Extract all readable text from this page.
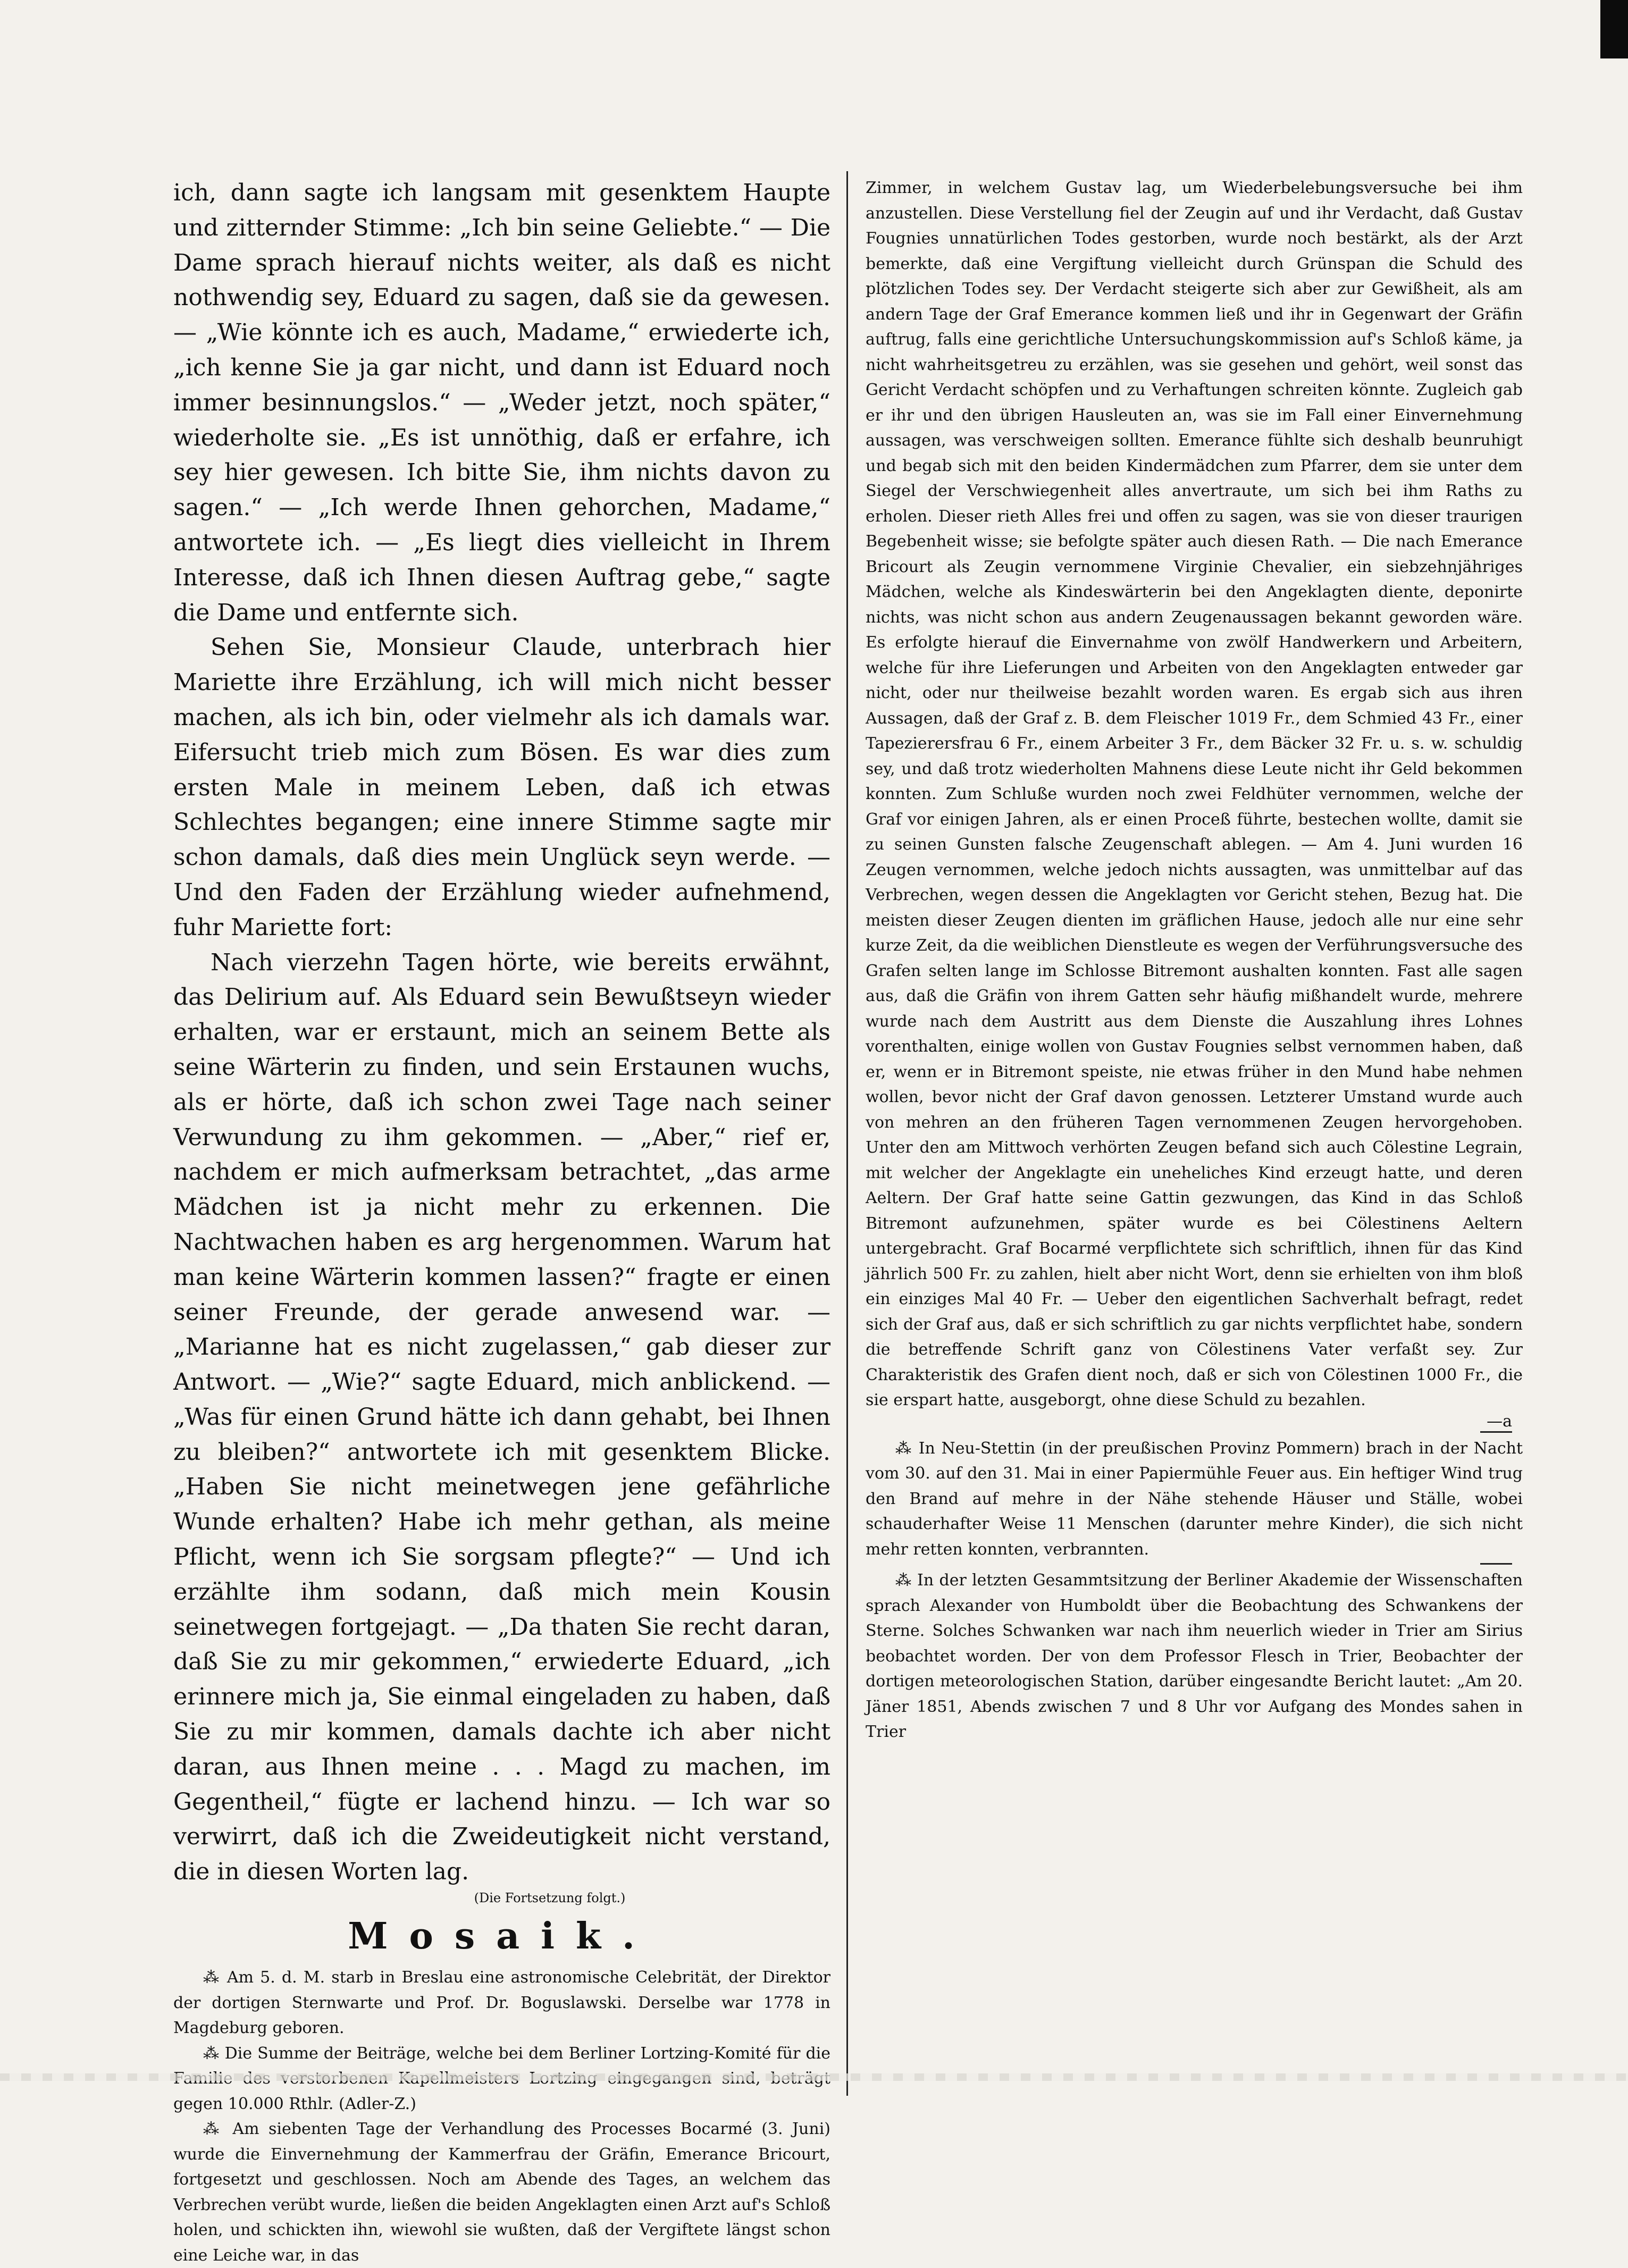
ich, dann sagte ich langsam mit gesenktem Haupte und zitternder Stimme: „Ich bin seine Geliebte.“ — Die Dame sprach hierauf nichts weiter, als daß es nicht nothwendig sey, Eduard zu sagen, daß sie da gewesen. — „Wie könnte ich es auch, Madame,“ erwiederte ich, „ich kenne Sie ja gar nicht, und dann ist Eduard noch immer besinnungslos.“ — „Weder jetzt, noch später,“ wiederholte sie. „Es ist unnöthig, daß er erfahre, ich sey hier gewesen. Ich bitte Sie, ihm nichts davon zu sagen.“ — „Ich werde Ihnen gehorchen, Madame,“ antwortete ich. — „Es liegt dies vielleicht in Ihrem Interesse, daß ich Ihnen diesen Auftrag gebe,“ sagte die Dame und entfernte sich.

Sehen Sie, Monsieur Claude, unterbrach hier Mariette ihre Erzählung, ich will mich nicht besser machen, als ich bin, oder vielmehr als ich damals war. Eifersucht trieb mich zum Bösen. Es war dies zum ersten Male in meinem Leben, daß ich etwas Schlechtes begangen; eine innere Stimme sagte mir schon damals, daß dies mein Unglück seyn werde. — Und den Faden der Erzählung wieder aufnehmend, fuhr Mariette fort:

Nach vierzehn Tagen hörte, wie bereits erwähnt, das Delirium auf. Als Eduard sein Bewußtseyn wieder erhalten, war er erstaunt, mich an seinem Bette als seine Wärterin zu finden, und sein Erstaunen wuchs, als er hörte, daß ich schon zwei Tage nach seiner Verwundung zu ihm gekommen. — „Aber,“ rief er, nachdem er mich aufmerksam betrachtet, „das arme Mädchen ist ja nicht mehr zu erkennen. Die Nachtwachen haben es arg hergenommen. Warum hat man keine Wärterin kommen lassen?“ fragte er einen seiner Freunde, der gerade anwesend war. — „Marianne hat es nicht zugelassen,“ gab dieser zur Antwort. — „Wie?“ sagte Eduard, mich anblickend. — „Was für einen Grund hätte ich dann gehabt, bei Ihnen zu bleiben?“ antwortete ich mit gesenktem Blicke. „Haben Sie nicht meinetwegen jene gefährliche Wunde erhalten? Habe ich mehr gethan, als meine Pflicht, wenn ich Sie sorgsam pflegte?“ — Und ich erzählte ihm sodann, daß mich mein Kousin seinetwegen fortgejagt. — „Da thaten Sie recht daran, daß Sie zu mir gekommen,“ erwiederte Eduard, „ich erinnere mich ja, Sie einmal eingeladen zu haben, daß Sie zu mir kommen, damals dachte ich aber nicht daran, aus Ihnen meine . . . Magd zu machen, im Gegentheil,“ fügte er lachend hinzu. — Ich war so verwirrt, daß ich die Zweideutigkeit nicht verstand, die in diesen Worten lag.

(Die Fortsetzung folgt.)
Mosaik.

⁂ Am 5. d. M. starb in Breslau eine astronomische Celebrität, der Direktor der dortigen Sternwarte und Prof. Dr. Boguslawski. Derselbe war 1778 in Magdeburg geboren.

⁂ Die Summe der Beiträge, welche bei dem Berliner Lortzing-Komité für die gegen 10.000 Rthlr. (Adler-Z.)

⁂ Am siebenten Tage der Verhandlung des Processes Bocarmé (3. Juni) wurde die Einvernehmung der Kammerfrau der Gräfin, Emerance Bricourt, fortgesetzt und geschlossen. Noch am Abende des Tages, an welchem das Verbrechen verübt wurde, ließen die beiden Angeklagten einen Arzt auf's Schloß holen, und schickten ihn, wiewohl sie wußten, daß der Vergiftete längst schon eine Leiche war, in das

Zimmer, in welchem Gustav lag, um Wiederbelebungsversuche bei ihm anzustellen. Diese Verstellung fiel der Zeugin auf und ihr Verdacht, daß Gustav Fougnies unnatürlichen Todes gestorben, wurde noch bestärkt, als der Arzt bemerkte, daß eine Vergiftung vielleicht durch Grünspan die Schuld des plötzlichen Todes sey. Der Verdacht steigerte sich aber zur Gewißheit, als am andern Tage der Graf Emerance kommen ließ und ihr in Gegenwart der Gräfin auftrug, falls eine gerichtliche Untersuchungskommission auf's Schloß käme, ja nicht wahrheitsgetreu zu erzählen, was sie gesehen und gehört, weil sonst das Gericht Verdacht schöpfen und zu Verhaftungen schreiten könnte. Zugleich gab er ihr und den übrigen Hausleuten an, was sie im Fall einer Einvernehmung aussagen, was verschweigen sollten. Emerance fühlte sich deshalb beunruhigt und begab sich mit den beiden Kindermädchen zum Pfarrer, dem sie unter dem Siegel der Verschwiegenheit alles anvertraute, um sich bei ihm Raths zu erholen. Dieser rieth Alles frei und offen zu sagen, was sie von dieser traurigen Begebenheit wisse; sie befolgte später auch diesen Rath. — Die nach Emerance Bricourt als Zeugin vernommene Virginie Chevalier, ein siebzehnjähriges Mädchen, welche als Kindeswärterin bei den Angeklagten diente, deponirte nichts, was nicht schon aus andern Zeugenaussagen bekannt geworden wäre. Es erfolgte hierauf die Einvernahme von zwölf Handwerkern und Arbeitern, welche für ihre Lieferungen und Arbeiten von den Angeklagten entweder gar nicht, oder nur theilweise bezahlt worden waren. Es ergab sich aus ihren Aussagen, daß der Graf z. B. dem Fleischer 1019 Fr., dem Schmied 43 Fr., einer Tapezierersfrau 6 Fr., einem Arbeiter 3 Fr., dem Bäcker 32 Fr. u. s. w. schuldig sey, und daß trotz wiederholten Mahnens diese Leute nicht ihr Geld bekommen konnten. Zum Schluße wurden noch zwei Feldhüter vernommen, welche der Graf vor einigen Jahren, als er einen Proceß führte, bestechen wollte, damit sie zu seinen Gunsten falsche Zeugenschaft ablegen. — Am 4. Juni wurden 16 Zeugen vernommen, welche jedoch nichts aussagten, was unmittelbar auf das Verbrechen, wegen dessen die Angeklagten vor Gericht stehen, Bezug hat. Die meisten dieser Zeugen dienten im gräflichen Hause, jedoch alle nur eine sehr kurze Zeit, da die weiblichen Dienstleute es wegen der Verführungsversuche des Grafen selten lange im Schlosse Bitremont aushalten konnten. Fast alle sagen aus, daß die Gräfin von ihrem Gatten sehr häufig mißhandelt wurde, mehrere wurde nach dem Austritt aus dem Dienste die Auszahlung ihres Lohnes vorenthalten, einige wollen von Gustav Fougnies selbst vernommen haben, daß er, wenn er in Bitremont speiste, nie etwas früher in den Mund habe nehmen wollen, bevor nicht der Graf davon genossen. Letzterer Umstand wurde auch von mehren an den früheren Tagen vernommenen Zeugen hervorgehoben. Unter den am Mittwoch verhörten Zeugen befand sich auch Cölestine Legrain, mit welcher der Angeklagte ein uneheliches Kind erzeugt hatte, und deren Aeltern. Der Graf hatte seine Gattin gezwungen, das Kind in das Schloß Bitremont aufzunehmen, später wurde es bei Cölestinens Aeltern untergebracht. Graf Bocarmé verpflichtete sich schriftlich, ihnen für das Kind jährlich 500 Fr. zu zahlen, hielt aber nicht Wort, denn sie erhielten von ihm bloß ein einziges Mal 40 Fr. — Ueber den eigentlichen Sachverhalt befragt, redet sich der Graf aus, daß er sich schriftlich zu gar nichts verpflichtet habe, sondern die betreffende Schrift ganz von Cölestinens Vater verfaßt sey. Zur Charakteristik des Grafen dient noch, daß er sich von Cölestinen 1000 Fr., die sie erspart hatte, ausgeborgt, ohne diese Schuld zu bezahlen.

—a

⁂ In Neu-Stettin (in der preußischen Provinz Pommern) brach in der Nacht vom 30. auf den 31. Mai in einer Papiermühle Feuer aus. Ein heftiger Wind trug den Brand auf mehre in der Nähe stehende Häuser und Ställe, wobei schauderhafter Weise 11 Menschen (darunter mehre Kinder), die sich nicht mehr retten konnten, verbrannten.

⁂ In der letzten Gesammtsitzung der Berliner Akademie der Wissenschaften sprach Alexander von Humboldt über die Beobachtung des Schwankens der Sterne. Solches Schwanken war nach ihm neuerlich wieder in Trier am Sirius beobachtet worden. Der von dem Professor Flesch in Trier, Beobachter der dortigen meteorologischen Station, darüber eingesandte Bericht lautet: „Am 20. Jäner 1851, Abends zwischen 7 und 8 Uhr vor Aufgang des Mondes sahen in Trier
